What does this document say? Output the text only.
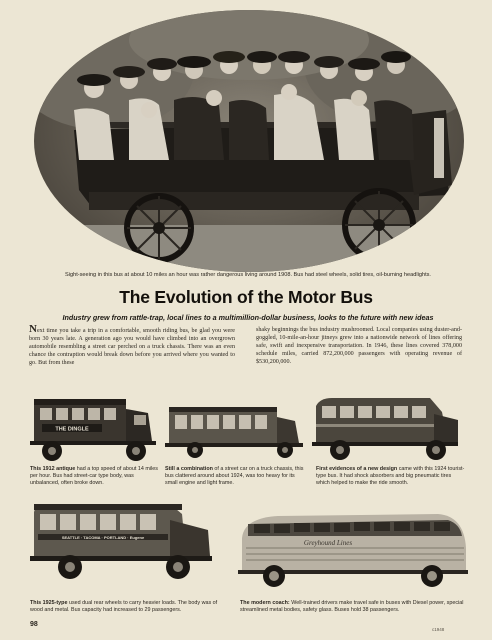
Sight-seeing in this bus at about 10 miles an hour was rather dangerous living around 1908. Bus had steel wheels, solid tires, oil-burning headlights.
The Evolution of the Motor Bus
Industry grew from rattle-trap, local lines to a multimillion-dollar business, looks to the future with new ideas
Next time you take a trip in a comfortable, smooth riding bus, be glad you were born 30 years late. A generation ago you would have climbed into an overgrown automobile resembling a street car perched on a truck chassis. There was an even chance the contraption would break down before you arrived where you wanted to go. But from these
shaky beginnings the bus industry mushroomed. Local companies using duster-and-goggled, 10-mile-an-hour jitneys grew into a nationwide network of lines offering safe, swift and inexpensive transportation. In 1946, these lines covered 378,000 schedule miles, carried 872,200,000 passengers with operating revenue of $530,200,000.
THE DINGLE
This 1912 antique had a top speed of about 14 miles per hour. Bus had street-car type body, was unbalanced, often broke down.
Still a combination of a street car on a truck chassis, this bus clattered around about 1924, was too heavy for its small engine and light frame.
First evidences of a new design came with this 1924 tourist-type bus. It had shock absorbers and big pneumatic tires which helped to make the ride smooth.
SEATTLE · TACOMA · PORTLAND · Eugene
This 1925-type used dual rear wheels to carry heavier loads. The body was of wood and metal. Bus capacity had increased to 29 passengers.
Greyhound Lines
The modern coach: Well-trained drivers make travel safe in buses with Diesel power, special streamlined metal bodies, safety glass. Buses hold 38 passengers.
98
c1948
